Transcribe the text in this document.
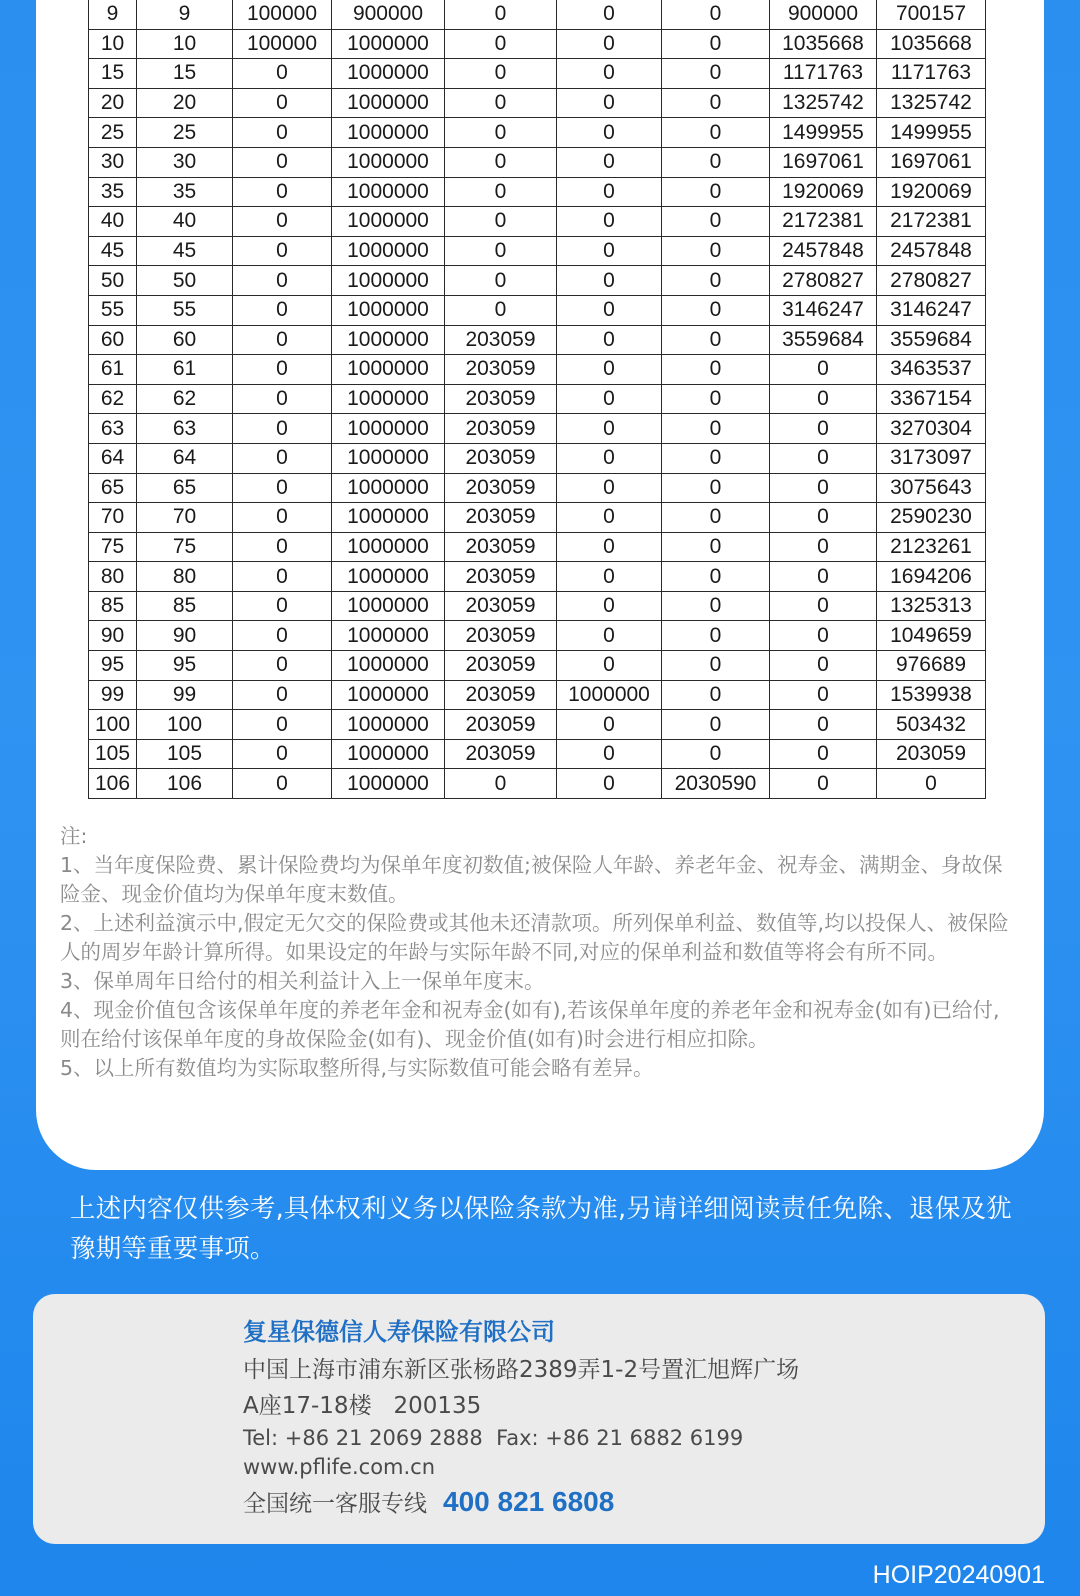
9	9	100000	900000	0	0	0	900000	700157
10	10	100000	1000000	0	0	0	1035668	1035668
15	15	0	1000000	0	0	0	1171763	1171763
20	20	0	1000000	0	0	0	1325742	1325742
25	25	0	1000000	0	0	0	1499955	1499955
30	30	0	1000000	0	0	0	1697061	1697061
35	35	0	1000000	0	0	0	1920069	1920069
40	40	0	1000000	0	0	0	2172381	2172381
45	45	0	1000000	0	0	0	2457848	2457848
50	50	0	1000000	0	0	0	2780827	2780827
55	55	0	1000000	0	0	0	3146247	3146247
60	60	0	1000000	203059	0	0	3559684	3559684
61	61	0	1000000	203059	0	0	0	3463537
62	62	0	1000000	203059	0	0	0	3367154
63	63	0	1000000	203059	0	0	0	3270304
64	64	0	1000000	203059	0	0	0	3173097
65	65	0	1000000	203059	0	0	0	3075643
70	70	0	1000000	203059	0	0	0	2590230
75	75	0	1000000	203059	0	0	0	2123261
80	80	0	1000000	203059	0	0	0	1694206
85	85	0	1000000	203059	0	0	0	1325313
90	90	0	1000000	203059	0	0	0	1049659
95	95	0	1000000	203059	0	0	0	976689
99	99	0	1000000	203059	1000000	0	0	1539938
100	100	0	1000000	203059	0	0	0	503432
105	105	0	1000000	203059	0	0	0	203059
106	106	0	1000000	0	0	2030590	0	0

注:

1、当年度保险费、累计保险费均为保单年度初数值;被保险人年龄、养老年金、祝寿金、满期金、身故保险金、现金价值均为保单年度末数值。

2、上述利益演示中,假定无欠交的保险费或其他未还清款项。所列保单利益、数值等,均以投保人、被保险人的周岁年龄计算所得。如果设定的年龄与实际年龄不同,对应的保单利益和数值等将会有所不同。

3、保单周年日给付的相关利益计入上一保单年度末。

4、现金价值包含该保单年度的养老年金和祝寿金(如有),若该保单年度的养老年金和祝寿金(如有)已给付,则在给付该保单年度的身故保险金(如有)、现金价值(如有)时会进行相应扣除。

5、以上所有数值均为实际取整所得,与实际数值可能会略有差异。

上述内容仅供参考,具体权利义务以保险条款为准,另请详细阅读责任免除、退保及犹豫期等重要事项。
复星保德信人寿保险有限公司
中国上海市浦东新区张杨路2389弄1-2号置汇旭辉广场
A座17-18楼   200135
Tel: +86 21 2069 2888  Fax: +86 21 6882 6199
www.pflife.com.cn
全国统一客服专线 400 821 6808
HOIP20240901
